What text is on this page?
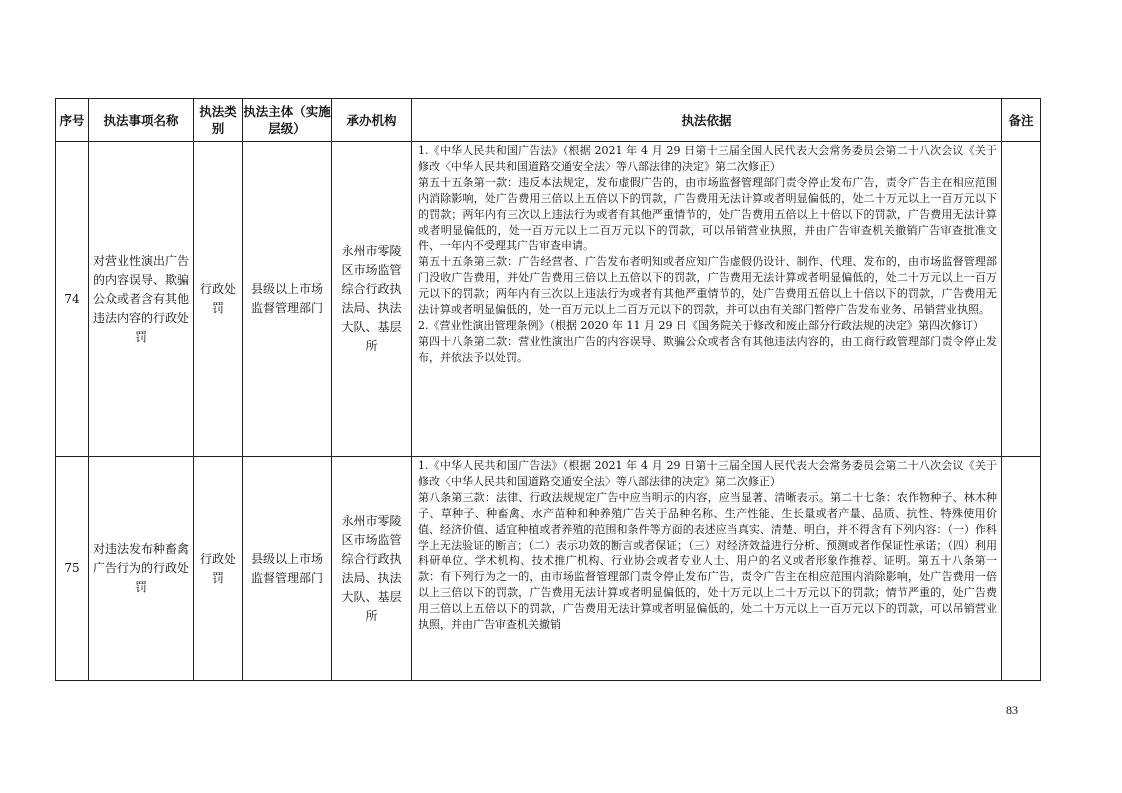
序号	执法事项名称	执法类别	执法主体（实施层级）	承办机构	执法依据	备注
74	对营业性演出广告的内容误导、欺骗公众或者含有其他违法内容的行政处罚	行政处罚	县级以上市场监督管理部门	永州市零陵区市场监管综合行政执法局、执法大队、基层所	1.《中华人民共和国广告法》（根据 2021 年 4 月 29 日第十三届全国人民代表大会常务委员会第二十八次会议《关于修改〈中华人民共和国道路交通安全法〉等八部法律的决定》第二次修正）

第五十五条第一款：违反本法规定，发布虚假广告的，由市场监督管理部门责令停止发布广告，责令广告主在相应范围内消除影响，处广告费用三倍以上五倍以下的罚款，广告费用无法计算或者明显偏低的，处二十万元以上一百万元以下的罚款；两年内有三次以上违法行为或者有其他严重情节的，处广告费用五倍以上十倍以下的罚款，广告费用无法计算或者明显偏低的，处一百万元以上二百万元以下的罚款，可以吊销营业执照，并由广告审查机关撤销广告审查批准文件、一年内不受理其广告审查申请。

第五十五条第三款：广告经营者、广告发布者明知或者应知广告虚假仍设计、制作、代理、发布的，由市场监督管理部门没收广告费用，并处广告费用三倍以上五倍以下的罚款，广告费用无法计算或者明显偏低的，处二十万元以上一百万元以下的罚款；两年内有三次以上违法行为或者有其他严重情节的，处广告费用五倍以上十倍以下的罚款，广告费用无法计算或者明显偏低的，处一百万元以上二百万元以下的罚款，并可以由有关部门暂停广告发布业务、吊销营业执照。

2.《营业性演出管理条例》（根据 2020 年 11 月 29 日《国务院关于修改和废止部分行政法规的决定》第四次修订）

第四十八条第二款：营业性演出广告的内容误导、欺骗公众或者含有其他违法内容的，由工商行政管理部门责令停止发布，并依法予以处罚。	

75	对违法发布种畜禽广告行为的行政处罚	行政处罚	县级以上市场监督管理部门	永州市零陵区市场监管综合行政执法局、执法大队、基层所	1.《中华人民共和国广告法》（根据 2021 年 4 月 29 日第十三届全国人民代表大会常务委员会第二十八次会议《关于修改〈中华人民共和国道路交通安全法〉等八部法律的决定》第二次修正）

第八条第三款：法律、行政法规规定广告中应当明示的内容，应当显著、清晰表示。第二十七条：农作物种子、林木种子、草种子、种畜禽、水产苗种和种养殖广告关于品种名称、生产性能、生长量或者产量、品质、抗性、特殊使用价值、经济价值、适宜种植或者养殖的范围和条件等方面的表述应当真实、清楚、明白，并不得含有下列内容：（一）作科学上无法验证的断言；（二）表示功效的断言或者保证；（三）对经济效益进行分析、预测或者作保证性承诺；（四）利用科研单位、学术机构、技术推广机构、行业协会或者专业人士、用户的名义或者形象作推荐、证明。第五十八条第一款：有下列行为之一的，由市场监督管理部门责令停止发布广告，责令广告主在相应范围内消除影响，处广告费用一倍以上三倍以下的罚款，广告费用无法计算或者明显偏低的，处十万元以上二十万元以下的罚款；情节严重的，处广告费用三倍以上五倍以下的罚款，广告费用无法计算或者明显偏低的，处二十万元以上一百万元以下的罚款，可以吊销营业执照，并由广告审查机关撤销	

83
